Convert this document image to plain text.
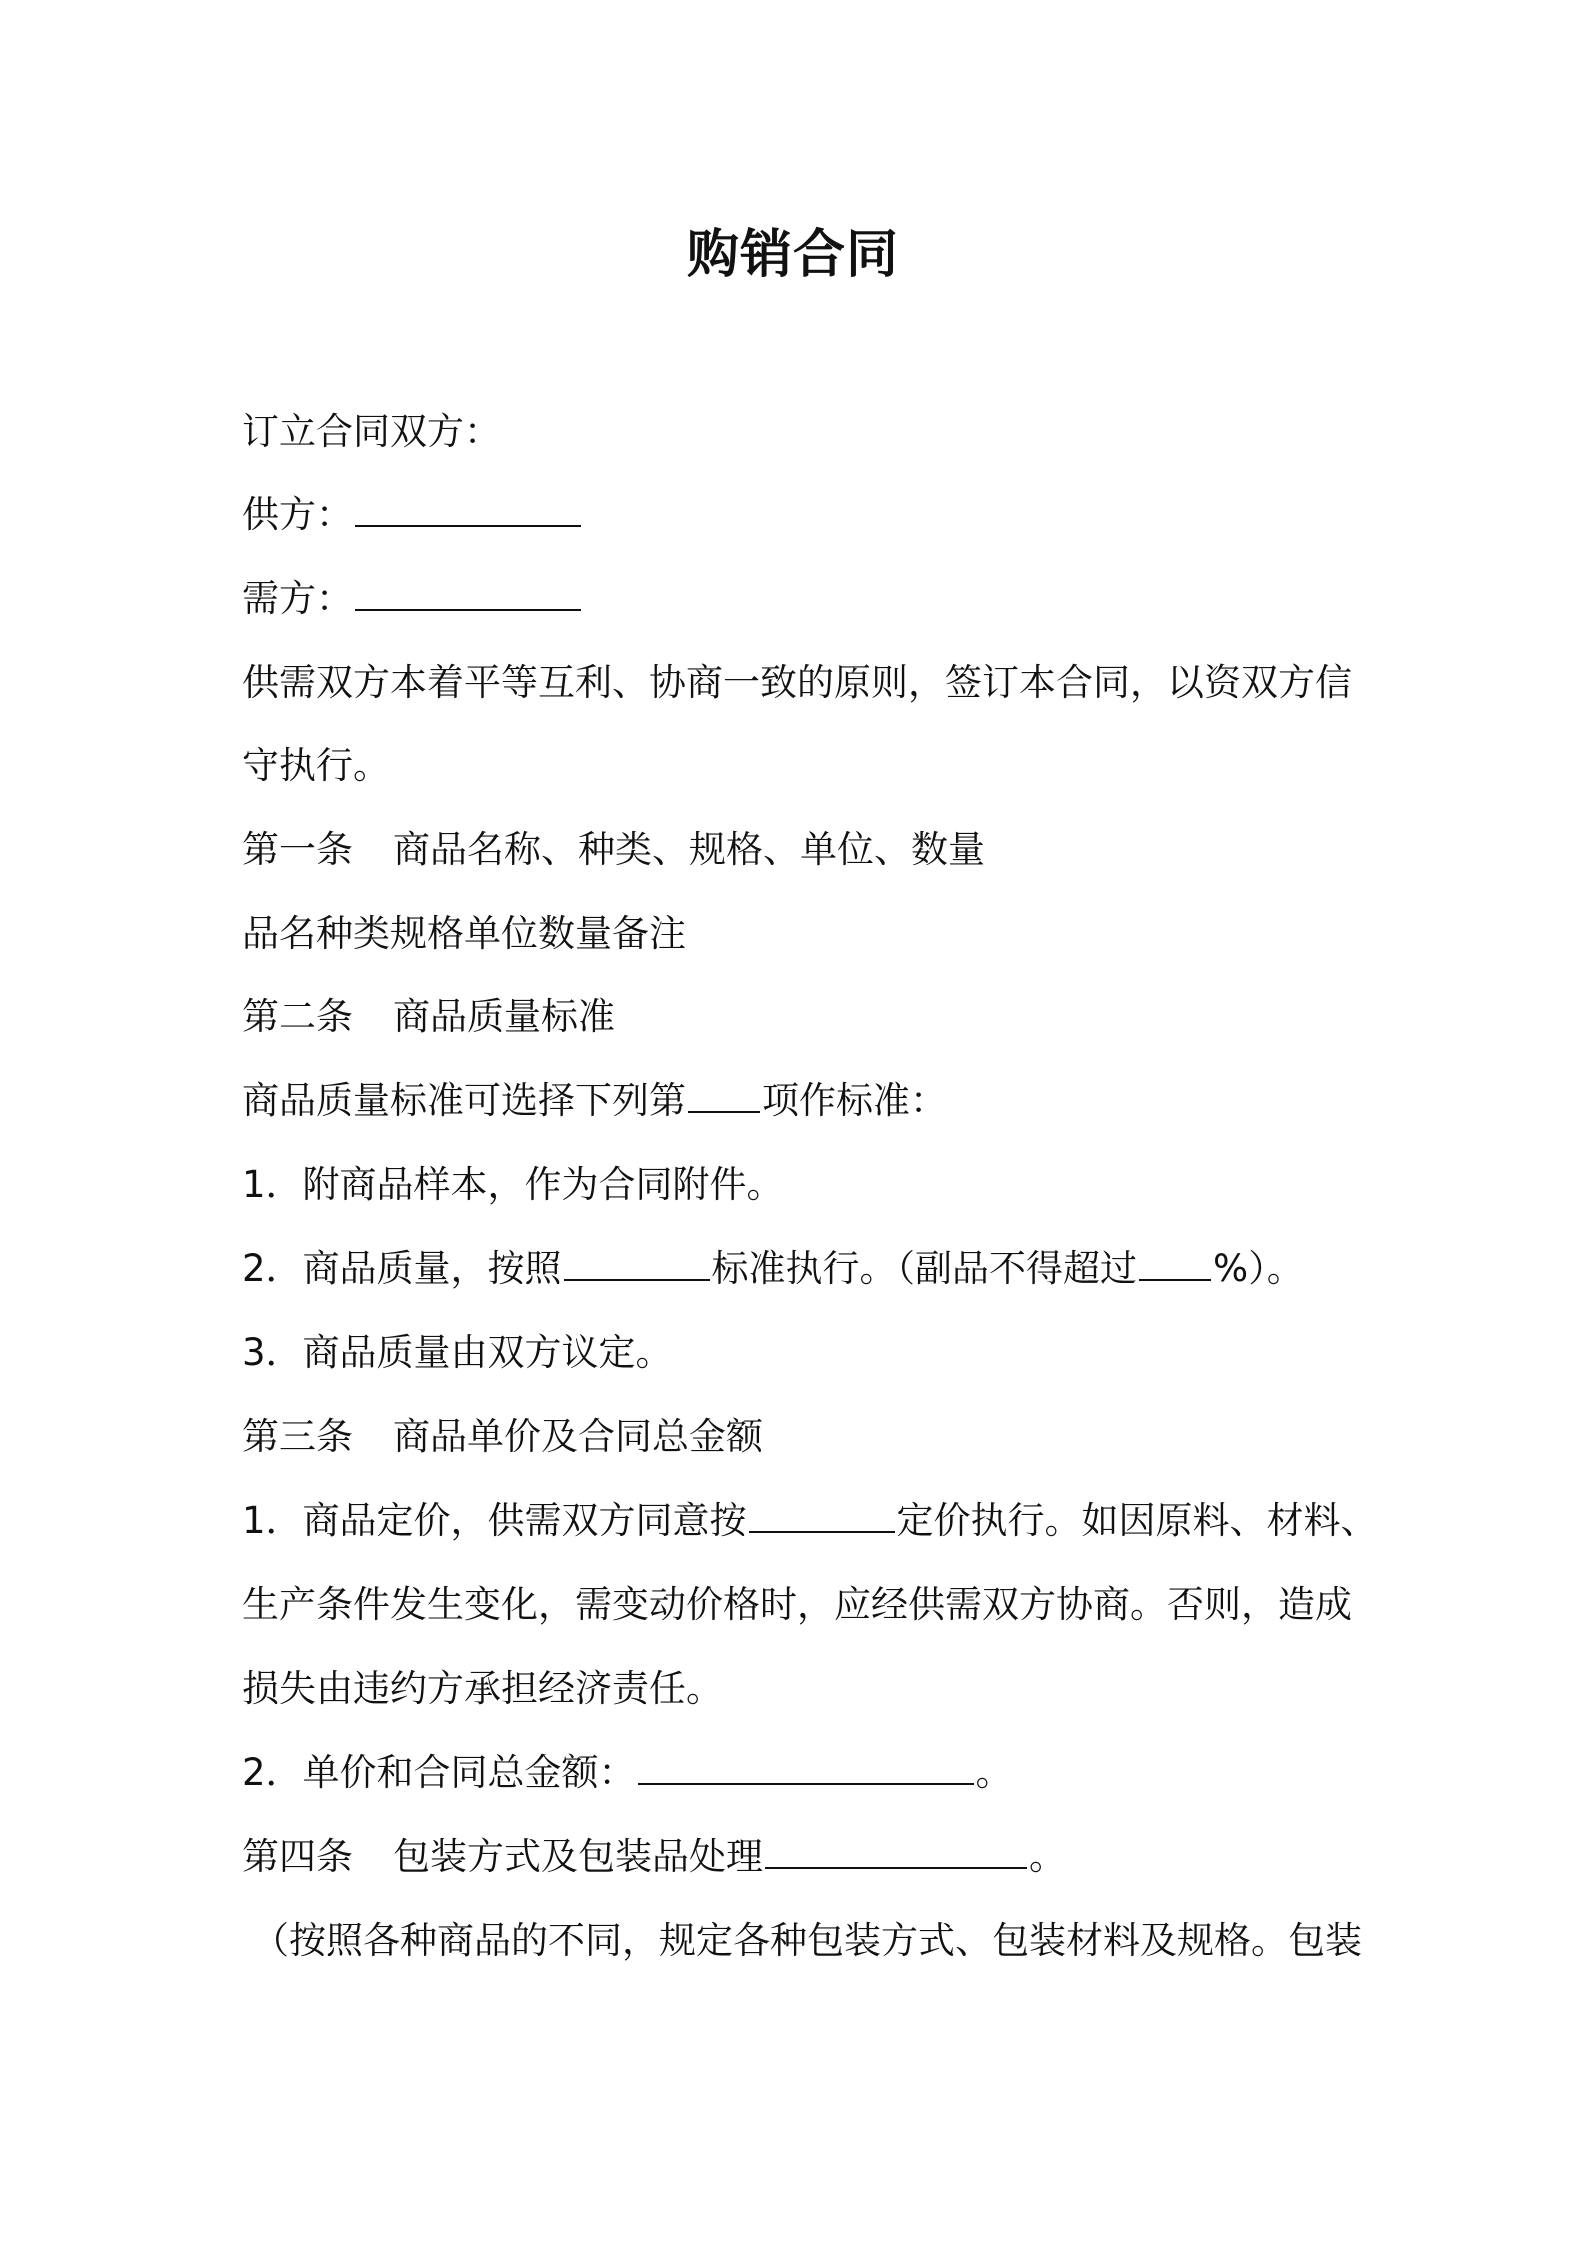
购销合同
订立合同双方：
供方：
需方：
供需双方本着平等互利、协商一致的原则，签订本合同，以资双方信
守执行。
第一条 商品名称、种类、规格、单位、数量
品名种类规格单位数量备注
第二条 商品质量标准
商品质量标准可选择下列第 项作标准：
1．附商品样本，作为合同附件。
2．商品质量，按照	标准执行。（副品不得超过 %）。
3．商品质量由双方议定。
第三条 商品单价及合同总金额
1．商品定价，供需双方同意按	定价执行。如因原料、材料、
生产条件发生变化，需变动价格时，应经供需双方协商。否则，造成
损失由违约方承担经济责任。
2．单价和合同总金额：	。
第四条 包装方式及包装品处理	。
（按照各种商品的不同，规定各种包装方式、包装材料及规格。包装
